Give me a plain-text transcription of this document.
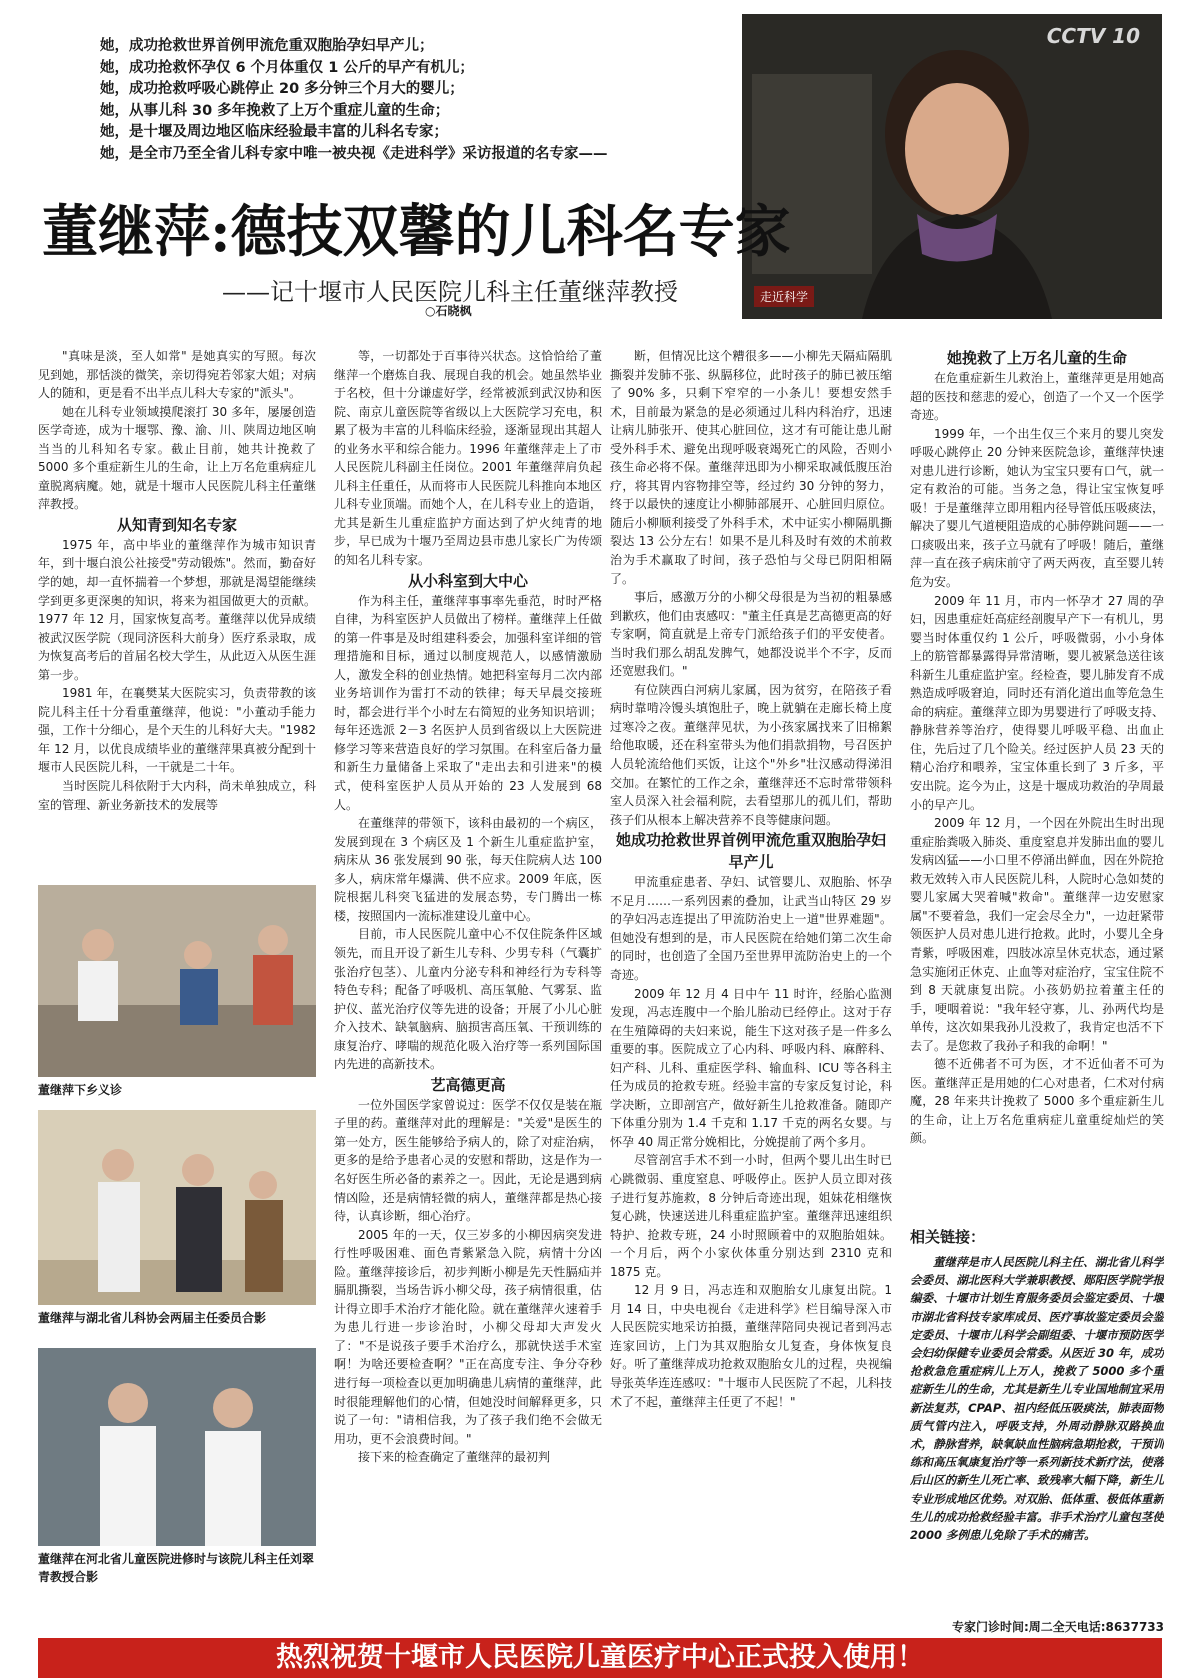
她，成功抢救世界首例甲流危重双胞胎孕妇早产儿；

她，成功抢救怀孕仅 6 个月体重仅 1 公斤的早产有机儿；

她，成功抢救呼吸心跳停止 20 多分钟三个月大的婴儿；

她，从事儿科 30 多年挽救了上万个重症儿童的生命；

她，是十堰及周边地区临床经验最丰富的儿科名专家；

她，是全市乃至全省儿科专家中唯一被央视《走进科学》采访报道的名专家——

CCTV 10
走近科学
董继萍:德技双馨的儿科名专家
——记十堰市人民医院儿科主任董继萍教授
○石晓枫

"真味是淡，至人如常" 是她真实的写照。每次见到她，那恬淡的微笑，亲切得宛若邻家大姐；对病人的随和，更是看不出半点儿科大专家的"派头"。

她在儿科专业领域摸爬滚打 30 多年，屡屡创造医学奇迹，成为十堰鄂、豫、渝、川、陕周边地区响当当的儿科知名专家。截止目前，她共计挽救了 5000 多个重症新生儿的生命，让上万名危重病症儿童脱离病魔。她，就是十堰市人民医院儿科主任董继萍教授。

从知青到知名专家

1975 年，高中毕业的董继萍作为城市知识青年，到十堰白浪公社接受"劳动锻炼"。然而，勤奋好学的她，却一直怀揣着一个梦想，那就是渴望能继续学到更多更深奥的知识，将来为祖国做更大的贡献。1977 年 12 月，国家恢复高考。董继萍以优异成绩被武汉医学院（现同济医科大前身）医疗系录取，成为恢复高考后的首届名校大学生，从此迈入从医生涯第一步。

1981 年，在襄樊某大医院实习，负责带教的该院儿科主任十分看重董继萍，他说："小董动手能力强，工作十分细心，是个天生的儿科好大夫。"1982 年 12 月，以优良成绩毕业的董继萍果真被分配到十堰市人民医院儿科，一干就是二十年。

当时医院儿科依附于大内科，尚未单独成立，科室的管理、新业务新技术的发展等

董继萍下乡义诊
董继萍与湖北省儿科协会两届主任委员合影
董继萍在河北省儿童医院进修时与该院儿科主任刘翠青教授合影

等，一切都处于百事待兴状态。这恰恰给了董继萍一个磨炼自我、展现自我的机会。她虽然毕业于名校，但十分谦虚好学，经常被派到武汉协和医院、南京儿童医院等省级以上大医院学习充电，积累了极为丰富的儿科临床经验，逐渐显现出其超人的业务水平和综合能力。1996 年董继萍走上了市人民医院儿科副主任岗位。2001 年董继萍肩负起儿科主任重任，从而将市人民医院儿科推向本地区儿科专业顶端。而她个人，在儿科专业上的造诣，尤其是新生儿重症监护方面达到了炉火纯青的地步，早已成为十堰乃至周边县市患儿家长广为传颂的知名儿科专家。

从小科室到大中心

作为科主任，董继萍事事率先垂范，时时严格自律，为科室医护人员做出了榜样。董继萍上任做的第一件事是及时组建科委会，加强科室详细的管理措施和目标，通过以制度规范人，以感情激励人，激发全科的创业热情。她把科室每月二次内部业务培训作为雷打不动的铁律；每天早晨交接班时，都会进行半个小时左右简短的业务知识培训；每年还选派 2－3 名医护人员到省级以上大医院进修学习等来营造良好的学习氛围。在科室后备力量和新生力量储备上采取了"走出去和引进来"的模式，使科室医护人员从开始的 23 人发展到 68 人。

在董继萍的带领下，该科由最初的一个病区，发展到现在 3 个病区及 1 个新生儿重症监护室，病床从 36 张发展到 90 张，每天住院病人达 100 多人，病床常年爆满、供不应求。2009 年底，医院根据儿科突飞猛进的发展态势，专门腾出一栋楼，按照国内一流标准建设儿童中心。

目前，市人民医院儿童中心不仅住院条件区域领先，而且开设了新生儿专科、少男专科（气囊扩张治疗包茎）、儿童内分泌专科和神经行为专科等特色专科；配备了呼吸机、高压氧舱、气雾泵、监护仪、蓝光治疗仪等先进的设备；开展了小儿心脏介入技术、缺氧脑病、脑损害高压氧、干预训练的康复治疗、哮喘的规范化吸入治疗等一系列国际国内先进的高新技术。

艺高德更高

一位外国医学家曾说过：医学不仅仅是装在瓶子里的药。董继萍对此的理解是："关爱"是医生的第一处方，医生能够给予病人的，除了对症治病，更多的是给予患者心灵的安慰和帮助，这是作为一名好医生所必备的素养之一。因此，无论是遇到病情凶险，还是病情轻微的病人，董继萍都是热心接待，认真诊断，细心治疗。

2005 年的一天，仅三岁多的小柳因病突发进行性呼吸困难、面色青紫紧急入院，病情十分凶险。董继萍接诊后，初步判断小柳是先天性膈疝并膈肌撕裂，当场告诉小柳父母，孩子病情很重，估计得立即手术治疗才能化险。就在董继萍火速着手为患儿行进一步诊治时，小柳父母却大声发火了："不是说孩子要手术治疗么，那就快送手术室啊！为啥还要检查啊？"正在高度专注、争分夺秒进行每一项检查以更加明确患儿病情的董继萍，此时很能理解他们的心情，但她没时间解释更多，只说了一句："请相信我，为了孩子我们绝不会做无用功，更不会浪费时间。"

接下来的检查确定了董继萍的最初判

断，但情况比这个糟很多——小柳先天隔疝隔肌撕裂并发肺不张、纵膈移位，此时孩子的肺已被压缩了 90% 多，只剩下窄窄的一小条儿！要想安然手术，目前最为紧急的是必须通过儿科内科治疗，迅速让病儿肺张开、使其心脏回位，这才有可能让患儿耐受外科手术、避免出现呼吸衰竭死亡的风险，否则小孩生命必将不保。董继萍迅即为小柳采取减低腹压治疗，将其胃内容物排空等，经过约 30 分钟的努力，终于以最快的速度让小柳肺部展开、心脏回归原位。随后小柳顺利接受了外科手术，术中证实小柳隔肌撕裂达 13 公分左右！如果不是儿科及时有效的术前救治为手术赢取了时间，孩子恐怕与父母已阴阳相隔了。

事后，感激万分的小柳父母很是为当初的粗暴感到歉疚，他们由衷感叹："董主任真是艺高德更高的好专家啊，简直就是上帝专门派给孩子们的平安使者。当时我们那么胡乱发脾气，她都没说半个不字，反而还宽慰我们。"

有位陕西白河病儿家属，因为贫穷，在陪孩子看病时靠啃冷馒头填饱肚子，晚上就躺在走廊长椅上度过寒冷之夜。董继萍见状，为小孩家属找来了旧棉絮给他取暖，还在科室带头为他们捐款捐物，号召医护人员轮流给他们买饭，让这个"外乡"壮汉感动得涕泪交加。在繁忙的工作之余，董继萍还不忘时常带领科室人员深入社会福利院，去看望那儿的孤儿们，帮助孩子们从根本上解决营养不良等健康问题。

她成功抢救世界首例甲流危重双胞胎孕妇早产儿

甲流重症患者、孕妇、试管婴儿、双胞胎、怀孕不足月……一系列因素的叠加，让武当山特区 29 岁的孕妇冯志连提出了甲流防治史上一道"世界难题"。但她没有想到的是，市人民医院在给她们第二次生命的同时，也创造了全国乃至世界甲流防治史上的一个奇迹。

2009 年 12 月 4 日中午 11 时许，经胎心监测发现，冯志连腹中一个胎儿胎动已经停止。这对于存在生殖障碍的夫妇来说，能生下这对孩子是一件多么重要的事。医院成立了心内科、呼吸内科、麻醉科、妇产科、儿科、重症医学科、输血科、ICU 等各科主任为成员的抢救专班。经验丰富的专家反复讨论，科学决断，立即剖宫产，做好新生儿抢救准备。随即产下体重分别为 1.4 千克和 1.17 千克的两名女婴。与怀孕 40 周正常分娩相比，分娩提前了两个多月。

尽管剖宫手术不到一小时，但两个婴儿出生时已心跳微弱、重度窒息、呼吸停止。医护人员立即对孩子进行复苏施救，8 分钟后奇迹出现，姐妹花相继恢复心跳，快速送进儿科重症监护室。董继萍迅速组织特护、抢救专班，24 小时照顾着中的双胞胎姐妹。一个月后，两个小家伙体重分别达到 2310 克和 1875 克。

12 月 9 日，冯志连和双胞胎女儿康复出院。1 月 14 日，中央电视台《走进科学》栏目编导深入市人民医院实地采访拍摄，董继萍陪同央视记者到冯志连家回访，上门为其双胞胎女儿复查，身体恢复良好。听了董继萍成功抢救双胞胎女儿的过程，央视编导张英华连连感叹："十堰市人民医院了不起，儿科技术了不起，董继萍主任更了不起！"

她挽救了上万名儿童的生命

在危重症新生儿救治上，董继萍更是用她高超的医技和慈悲的爱心，创造了一个又一个医学奇迹。

1999 年，一个出生仅三个来月的婴儿突发呼吸心跳停止 20 分钟来医院急诊，董继萍快速对患儿进行诊断，她认为宝宝只要有口气，就一定有救治的可能。当务之急，得让宝宝恢复呼吸！于是董继萍立即用粗内径导管低压吸痰法，解决了婴儿气道梗阻造成的心肺停跳问题——一口痰吸出来，孩子立马就有了呼吸！随后，董继萍一直在孩子病床前守了两天两夜，直至婴儿转危为安。

2009 年 11 月，市内一怀孕才 27 周的孕妇，因患重症妊高症经剖腹早产下一有机儿，男婴当时体重仅约 1 公斤，呼吸微弱，小小身体上的筋管都暴露得异常清晰，婴儿被紧急送往该科新生儿重症监护室。经检查，婴儿肺发育不成熟造成呼吸窘迫，同时还有消化道出血等危急生命的病症。董继萍立即为男婴进行了呼吸支持、静脉营养等治疗，使得婴儿呼吸平稳、出血止住，先后过了几个险关。经过医护人员 23 天的精心治疗和喂养，宝宝体重长到了 3 斤多，平安出院。迄今为止，这是十堰成功救治的孕周最小的早产儿。

2009 年 12 月，一个因在外院出生时出现重症胎粪吸入肺炎、重度窒息并发肺出血的婴儿发病凶猛——小口里不停涌出鲜血，因在外院抢救无效转入市人民医院儿科，人院时心急如焚的婴儿家属大哭着喊"救命"。董继萍一边安慰家属"不要着急，我们一定会尽全力"，一边赶紧带领医护人员对患儿进行抢救。此时，小婴儿全身青紫，呼吸困难，四肢冰凉呈休克状态，通过紧急实施闭正休克、止血等对症治疗，宝宝住院不到 8 天就康复出院。小孩奶奶拉着董主任的手，哽咽着说："我年轻守寡，儿、孙两代均是单传，这次如果我孙儿没救了，我肯定也活不下去了。是您救了我孙子和我的命啊！"

德不近佛者不可为医，才不近仙者不可为医。董继萍正是用她的仁心对患者，仁术对付病魔，28 年来共计挽救了 5000 多个重症新生儿的生命，让上万名危重病症儿童重绽灿烂的笑颜。

相关链接：

董继萍是市人民医院儿科主任、湖北省儿科学会委员、湖北医科大学兼职教授、郧阳医学院学报编委、十堰市计划生育服务委员会鉴定委员、十堰市湖北省科技专家库成员、医疗事故鉴定委员会鉴定委员、十堰市儿科学会副组委、十堰市预防医学会妇幼保健专业委员会常委。从医近 30 年，成功抢救急危重症病儿上万人，挽救了 5000 多个重症新生儿的生命，尤其是新生儿专业国地制宜采用新法复苏，CPAP、祖内经低压吸痰法，肺表面物质气管内注入，呼吸支持，外周动静脉双路换血术，静脉营养，缺氧缺血性脑病急期抢救，干预训练和高压氧康复治疗等一系列新技术新疗法，使落后山区的新生儿死亡率、致残率大幅下降，新生儿专业形成地区优势。对双胎、低体重、极低体重新生儿的成功抢救经验丰富。非手术治疗儿童包茎使 2000 多例患儿免除了手术的痛苦。

专家门诊时间:周二全天电话:8637733
热烈祝贺十堰市人民医院儿童医疗中心正式投入使用！
